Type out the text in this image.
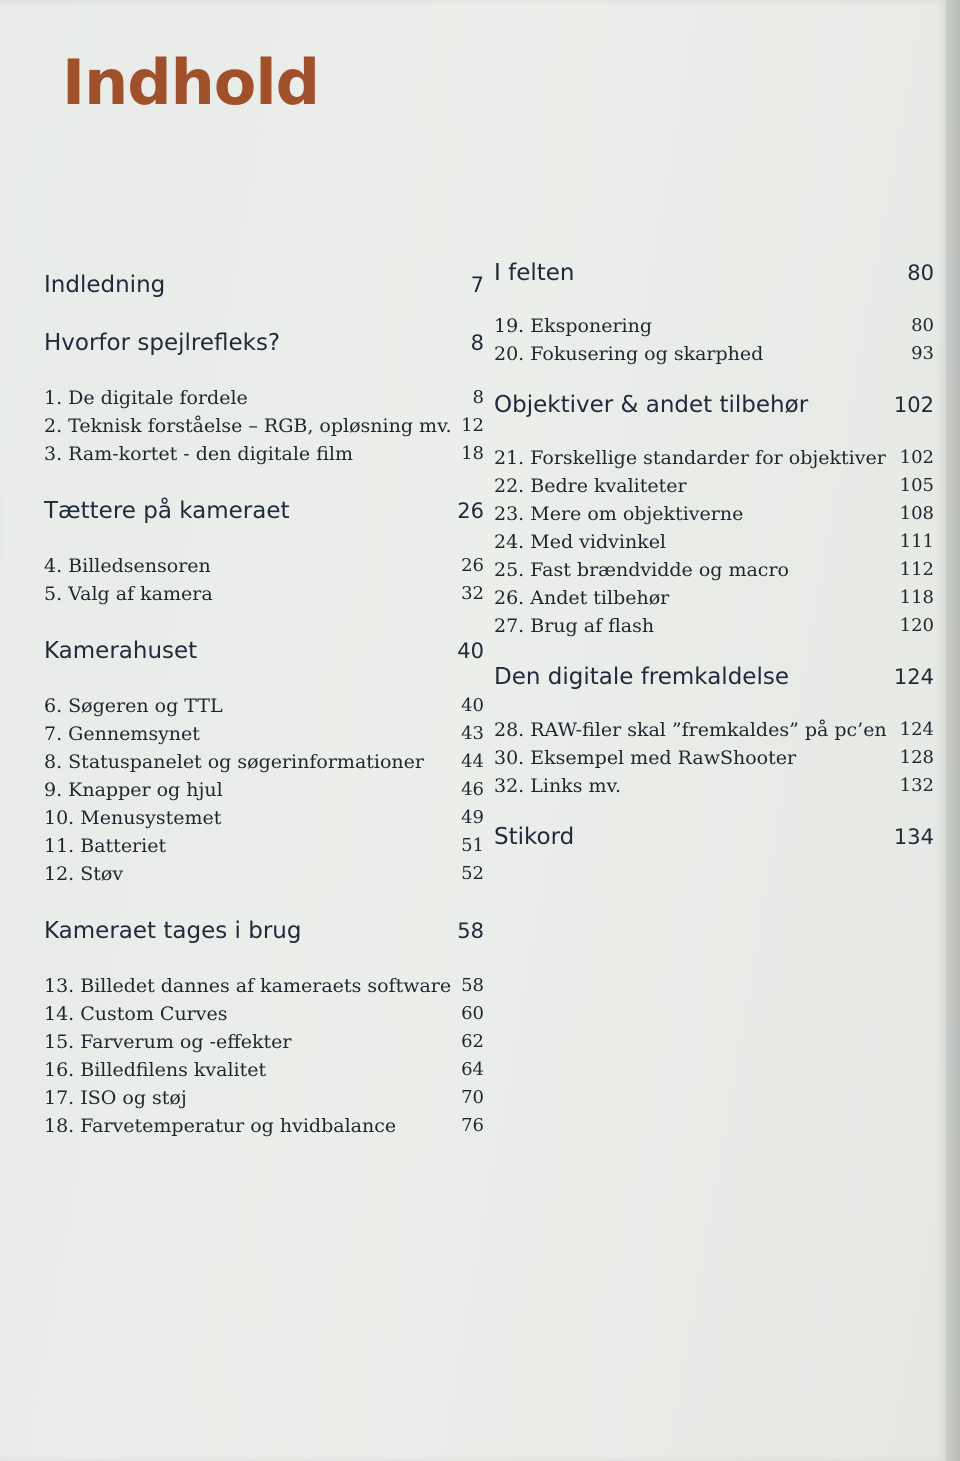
Indhold
Indledning	7
Hvorfor spejlrefleks?	8
1. De digitale fordele	8
2. Teknisk forståelse – RGB, opløsning mv. 12
3. Ram-kortet - den digitale film	18
Tættere på kameraet	26
4. Billedsensoren	26
5. Valg af kamera	32
Kamerahuset	40
6. Søgeren og TTL	40
7. Gennemsynet	43
8. Statuspanelet og søgerinformationer 44
9. Knapper og hjul	46
10. Menusystemet	49
11. Batteriet	51
12. Støv	52
Kameraet tages i brug	58
13. Billedet dannes af kameraets software 58
14. Custom Curves	60
15. Farverum og -effekter	62
16. Billedfilens kvalitet	64
17. ISO og støj	70
18. Farvetemperatur og hvidbalance	76
I felten	80
19. Eksponering	80
20. Fokusering og skarphed	93
Objektiver & andet tilbehør	102
21. Forskellige standarder for objektiver 102
22. Bedre kvaliteter	105
23. Mere om objektiverne	108
24. Med vidvinkel	111
25. Fast brændvidde og macro	112
26. Andet tilbehør	118
27. Brug af flash	120
Den digitale fremkaldelse	124
28. RAW-filer skal ”fremkaldes” på pc’en 124
30. Eksempel med RawShooter	128
32. Links mv.	132
Stikord	134
